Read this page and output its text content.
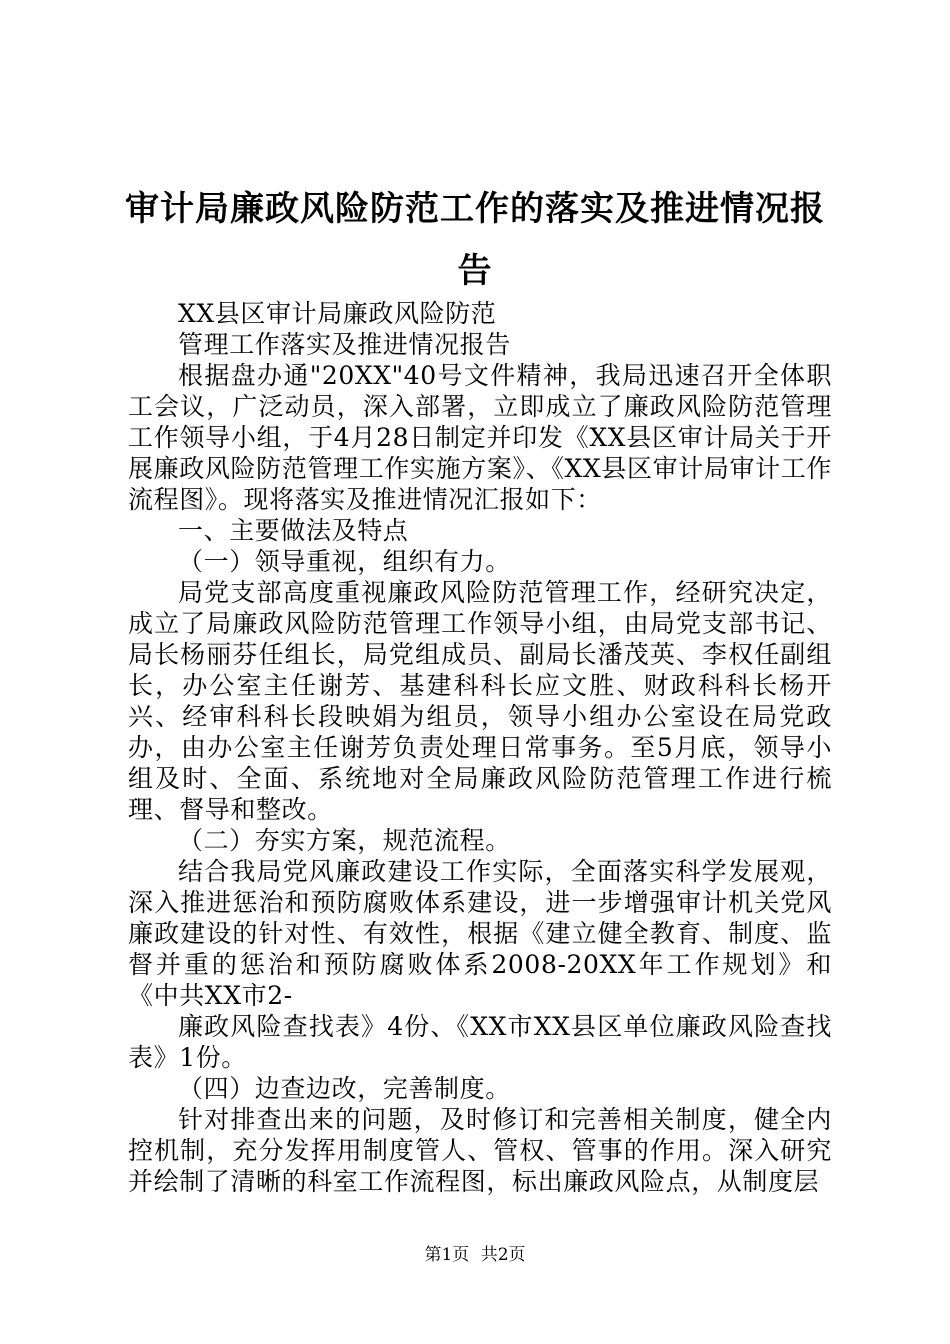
审计局廉政风险防范工作的落实及推进情况报告

XX县区审计局廉政风险防范

管理工作落实及推进情况报告

根据盘办通"20XX"40号文件精神，我局迅速召开全体职工会议，广泛动员，深入部署，立即成立了廉政风险防范管理工作领导小组，于4月28日制定并印发《XX县区审计局关于开展廉政风险防范管理工作实施方案》、《XX县区审计局审计工作流程图》。现将落实及推进情况汇报如下：

一、主要做法及特点

（一）领导重视，组织有力。

局党支部高度重视廉政风险防范管理工作，经研究决定，成立了局廉政风险防范管理工作领导小组，由局党支部书记、局长杨丽芬任组长，局党组成员、副局长潘茂英、李权任副组长，办公室主任谢芳、基建科科长应文胜、财政科科长杨开兴、经审科科长段映娟为组员，领导小组办公室设在局党政办，由办公室主任谢芳负责处理日常事务。至5月底，领导小组及时、全面、系统地对全局廉政风险防范管理工作进行梳理、督导和整改。

（二）夯实方案，规范流程。

结合我局党风廉政建设工作实际，全面落实科学发展观，深入推进惩治和预防腐败体系建设，进一步增强审计机关党风廉政建设的针对性、有效性，根据《建立健全教育、制度、监督并重的惩治和预防腐败体系2008-20XX年工作规划》和《中共XX市2-

廉政风险查找表》4份、《XX市XX县区单位廉政风险查找表》1份。

（四）边查边改，完善制度。

针对排查出来的问题，及时修订和完善相关制度，健全内控机制，充分发挥用制度管人、管权、管事的作用。深入研究并绘制了清晰的科室工作流程图，标出廉政风险点，从制度层

第1页 共2页
